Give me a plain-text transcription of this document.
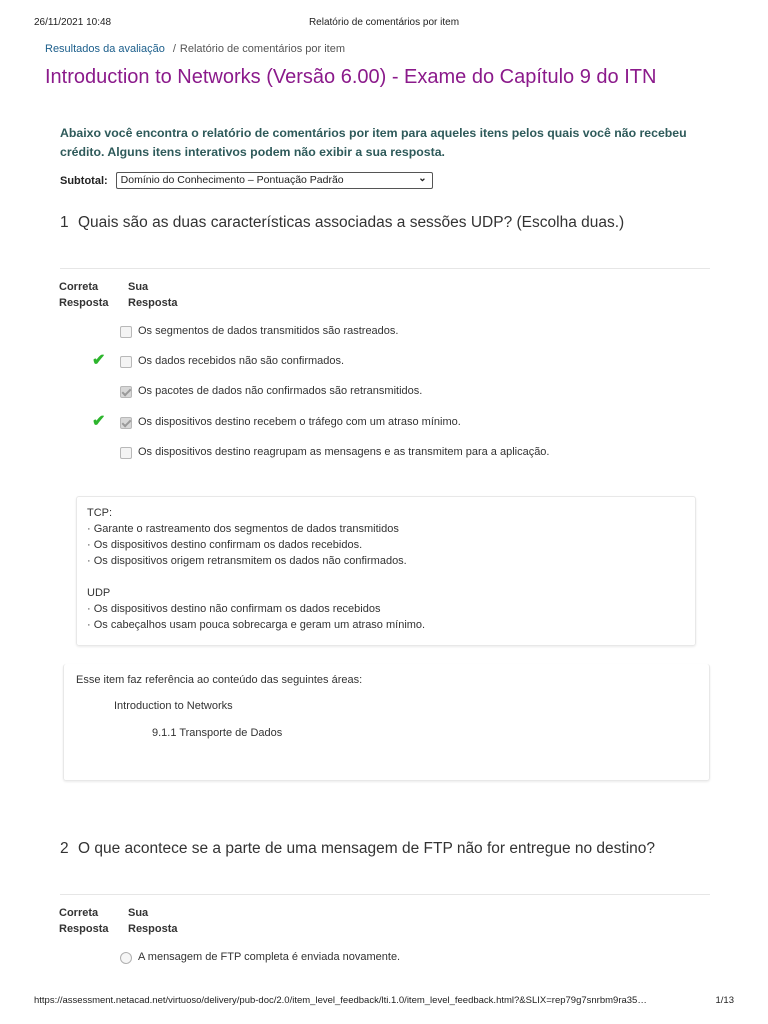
26/11/2021 10:48	Relatório de comentários por item
Resultados da avaliação / Relatório de comentários por item
Introduction to Networks (Versão 6.00) - Exame do Capítulo 9 do ITN

Abaixo você encontra o relatório de comentários por item para aqueles itens pelos quais você não recebeu crédito. Alguns itens interativos podem não exibir a sua resposta.

Subtotal:	Domínio do Conhecimento – Pontuação Padrão	⌄
1 Quais são as duas características associadas a sessões UDP? (Escolha duas.)
Correta
Resposta
Sua
Resposta
Os segmentos de dados transmitidos são rastreados.
✔	Os dados recebidos não são confirmados.
Os pacotes de dados não confirmados são retransmitidos.
✔	Os dispositivos destino recebem o tráfego com um atraso mínimo.
Os dispositivos destino reagrupam as mensagens e as transmitem para a aplicação.
TCP:
· Garante o rastreamento dos segmentos de dados transmitidos
· Os dispositivos destino confirmam os dados recebidos.
· Os dispositivos origem retransmitem os dados não confirmados.
UDP
· Os dispositivos destino não confirmam os dados recebidos
· Os cabeçalhos usam pouca sobrecarga e geram um atraso mínimo.
Esse item faz referência ao conteúdo das seguintes áreas:
Introduction to Networks
9.1.1 Transporte de Dados
2 O que acontece se a parte de uma mensagem de FTP não for entregue no destino?
Correta
Resposta
Sua
Resposta
A mensagem de FTP completa é enviada novamente.
https://assessment.netacad.net/virtuoso/delivery/pub-doc/2.0/item_level_feedback/lti.1.0/item_level_feedback.html?&SLIX=rep79g7snrbm9ra35…	1/13
